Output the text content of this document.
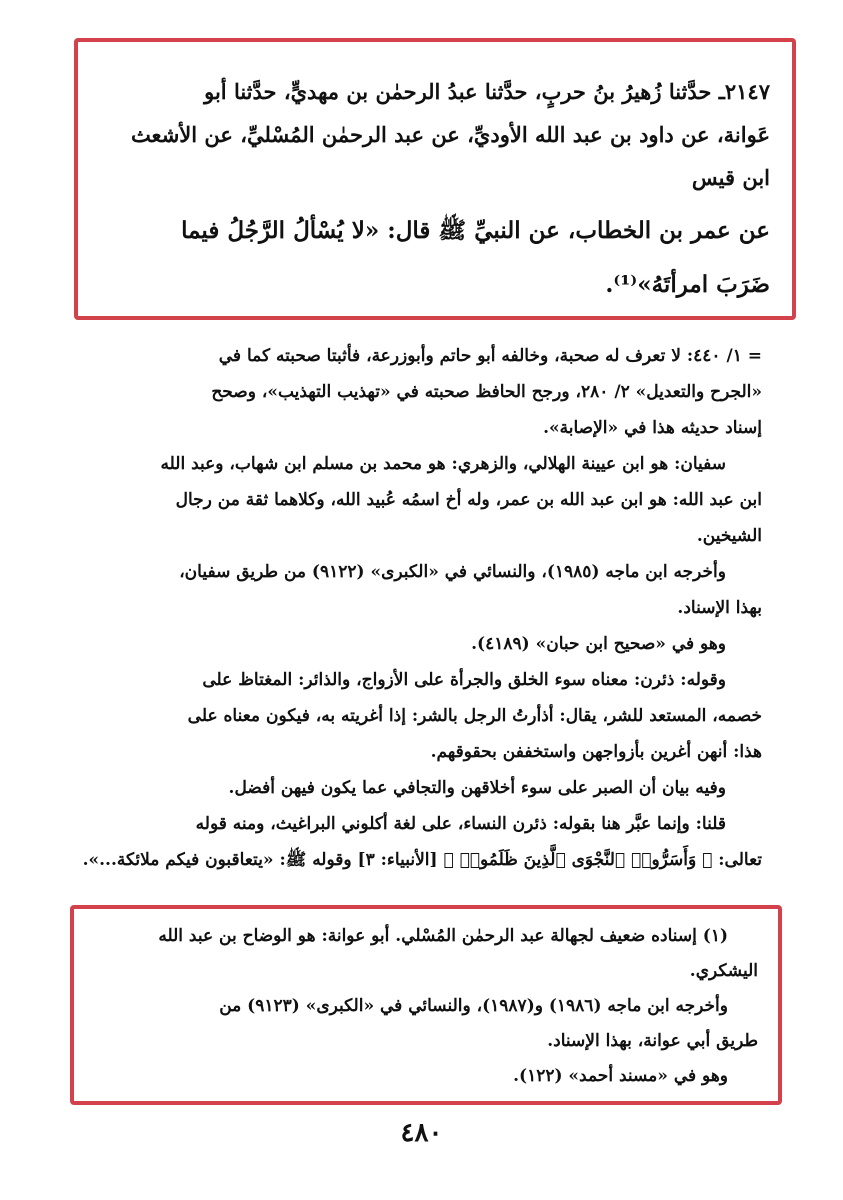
٢١٤٧ـ حدَّثنا زُهيرُ بنُ حربٍ، حدَّثنا عبدُ الرحمٰن بن مهديٍّ، حدَّثنا أبو
عَوانة، عن داود بن عبد الله الأوديِّ، عن عبد الرحمٰن المُسْليِّ، عن الأشعث
ابن قيس
عن عمر بن الخطاب، عن النبيِّ ﷺ قال: «لا يُسْألُ الرَّجُلُ فيما
ضَرَبَ امرأتَهُ»⁽¹⁾.
= ١/ ٤٤٠: لا تعرف له صحبة، وخالفه أبو حاتم وأبوزرعة، فأثبتا صحبته كما في
«الجرح والتعديل» ٢/ ٢٨٠، ورجح الحافظ صحبته في «تهذيب التهذيب»، وصحح
إسناد حديثه هذا في «الإصابة».
سفيان: هو ابن عيينة الهلالي، والزهري: هو محمد بن مسلم ابن شهاب، وعبد الله
ابن عبد الله: هو ابن عبد الله بن عمر، وله أخ اسمُه عُبيد الله، وكلاهما ثقة من رجال
الشيخين.
وأخرجه ابن ماجه (١٩٨٥)، والنسائي في «الكبرى» (٩١٢٢) من طريق سفيان،
بهذا الإسناد.
وهو في «صحيح ابن حبان» (٤١٨٩).
وقوله: ذئرن: معناه سوء الخلق والجرأة على الأزواج، والذائر: المغتاظ على
خصمه، المستعد للشر، يقال: أذأرتُ الرجل بالشر: إذا أغريته به، فيكون معناه على
هذا: أنهن أغرين بأزواجهن واستخففن بحقوقهم.
وفيه بيان أن الصبر على سوء أخلاقهن والتجافي عما يكون فيهن أفضل.
قلنا: وإنما عبَّر هنا بقوله: ذئرن النساء، على لغة أكلوني البراغيث، ومنه قوله
تعالى: ﴿ وَأَسَرُّوا۟ ٱلنَّجْوَى ٱلَّذِينَ ظَلَمُوا۟ ﴾ [الأنبياء: ٣] وقوله ﷺ: «يتعاقبون فيكم ملائكة...».
(١) إسناده ضعيف لجهالة عبد الرحمٰن المُسْلي. أبو عوانة: هو الوضاح بن عبد الله
اليشكري.
وأخرجه ابن ماجه (١٩٨٦) و(١٩٨٧)، والنسائي في «الكبرى» (٩١٢٣) من
طريق أبي عوانة، بهذا الإسناد.
وهو في «مسند أحمد» (١٢٢).
٤٨٠
